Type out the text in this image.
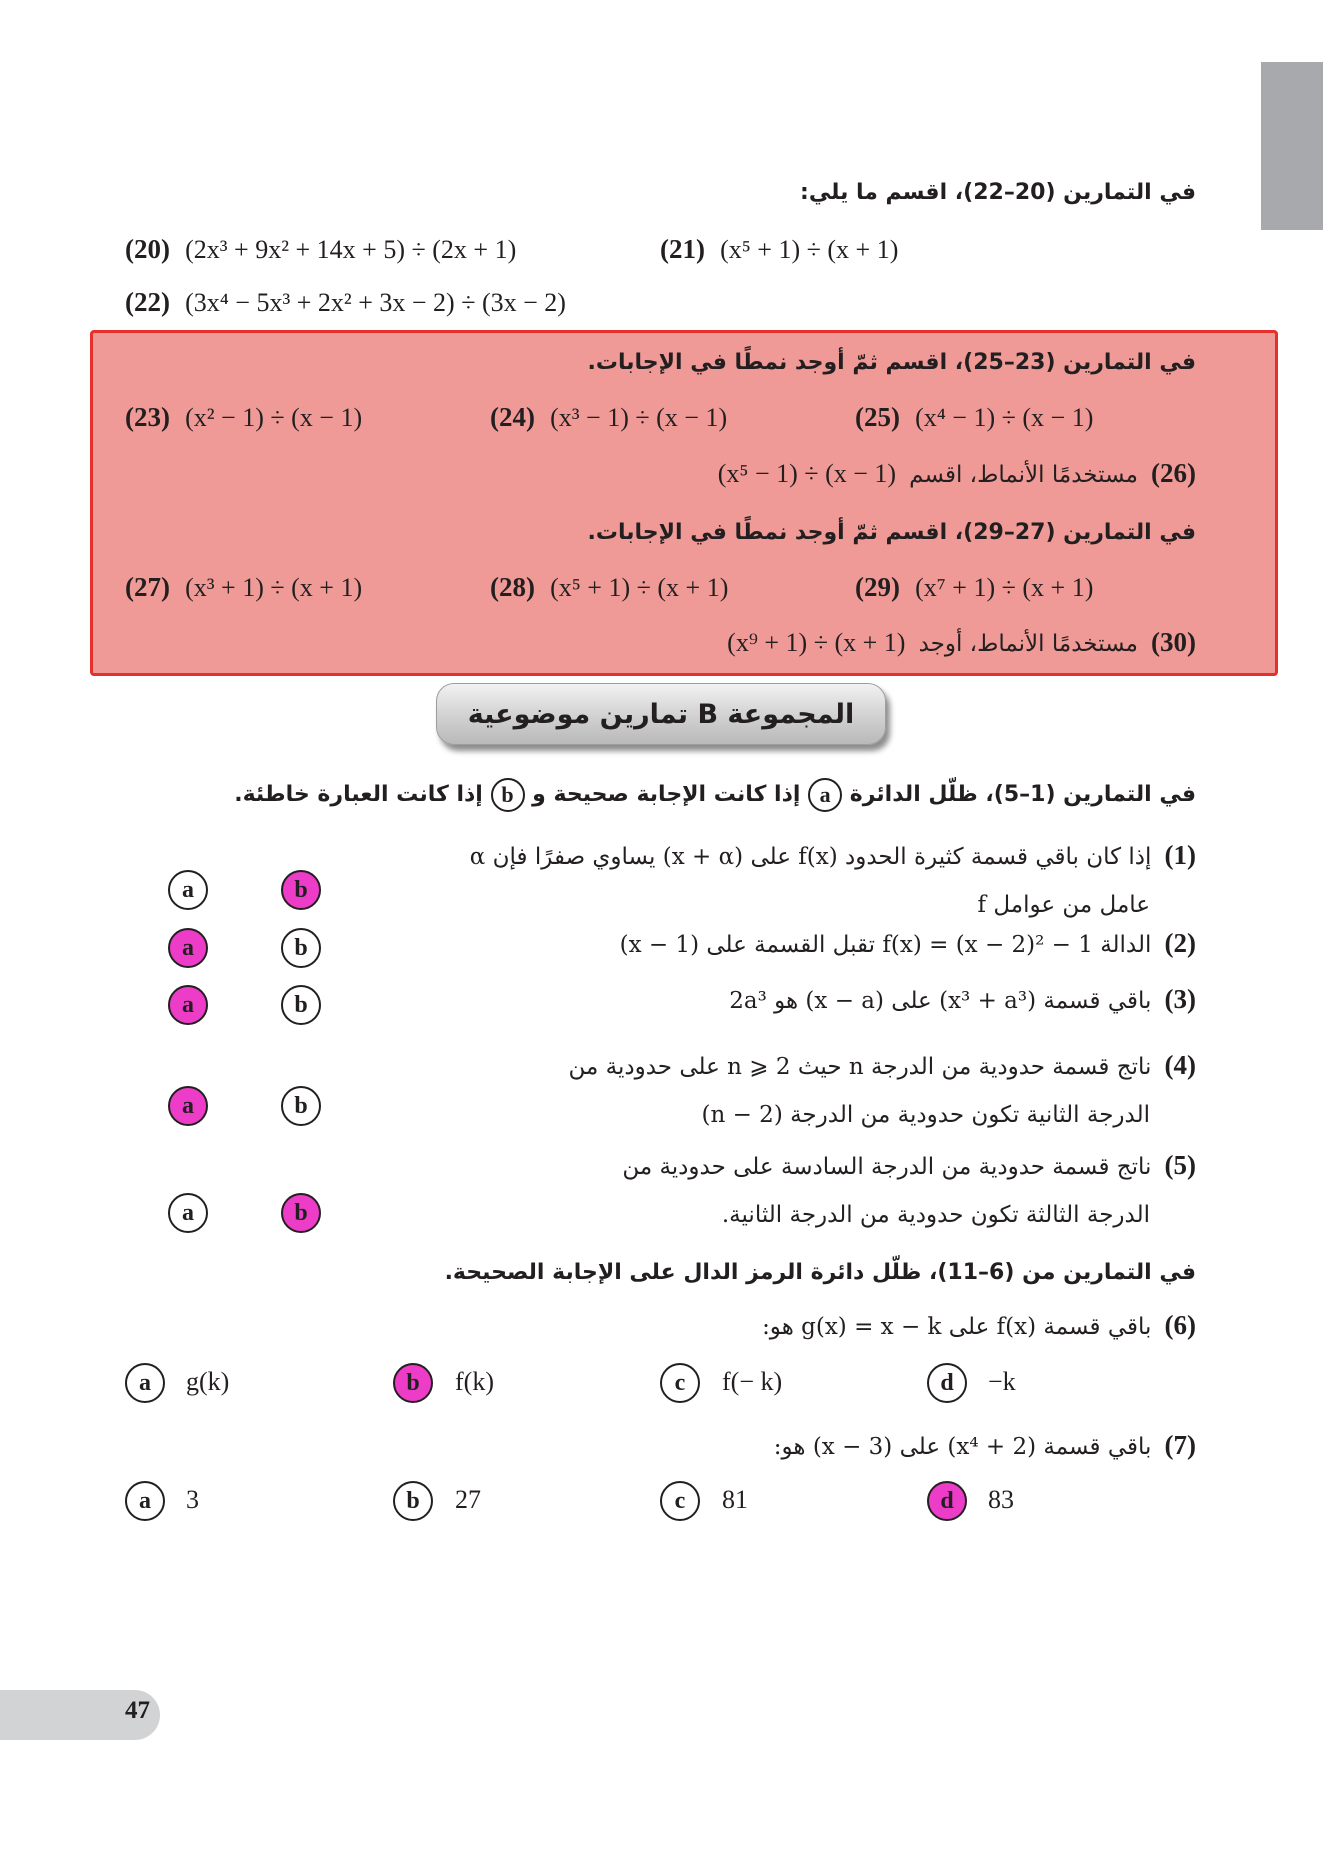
في التمارين (20–22)، اقسم ما يلي:
(20) (2x³ + 9x² + 14x + 5) ÷ (2x + 1)	(21) (x⁵ + 1) ÷ (x + 1)
(22) (3x⁴ − 5x³ + 2x² + 3x − 2) ÷ (3x − 2)
في التمارين (23–25)، اقسم ثمّ أوجد نمطًا في الإجابات.
(23) (x² − 1) ÷ (x − 1)	(24) (x³ − 1) ÷ (x − 1)	(25) (x⁴ − 1) ÷ (x − 1)
(26) مستخدمًا الأنماط، اقسم (x⁵ − 1) ÷ (x − 1)
في التمارين (27–29)، اقسم ثمّ أوجد نمطًا في الإجابات.
(27) (x³ + 1) ÷ (x + 1)	(28) (x⁵ + 1) ÷ (x + 1)	(29) (x⁷ + 1) ÷ (x + 1)
(30) مستخدمًا الأنماط، أوجد (x⁹ + 1) ÷ (x + 1)
المجموعة B تمارين موضوعية
في التمارين (1–5)، ظلّل الدائرة a إذا كانت الإجابة صحيحة و b إذا كانت العبارة خاطئة.
(1) إذا كان باقي قسمة كثيرة الحدود f(x) على (x + α) يساوي صفرًا فإن α
عامل من عوامل f
a	b
(2) الدالة f(x) = (x − 2)² − 1 تقبل القسمة على (x − 1)
a	b
(3) باقي قسمة (x³ + a³) على (x − a) هو 2a³
a	b
(4) ناتج قسمة حدودية من الدرجة n حيث n ⩾ 2 على حدودية من
الدرجة الثانية تكون حدودية من الدرجة (n − 2)
a	b
(5) ناتج قسمة حدودية من الدرجة السادسة على حدودية من
الدرجة الثالثة تكون حدودية من الدرجة الثانية.
a	b
في التمارين من (6–11)، ظلّل دائرة الرمز الدال على الإجابة الصحيحة.
(6) باقي قسمة f(x) على g(x) = x − k هو:
a	g(k)	b	f(k)	c	f(− k)	d	−k
(7) باقي قسمة (x⁴ + 2) على (x − 3) هو:
a	3	b	27	c	81	d	83
47
